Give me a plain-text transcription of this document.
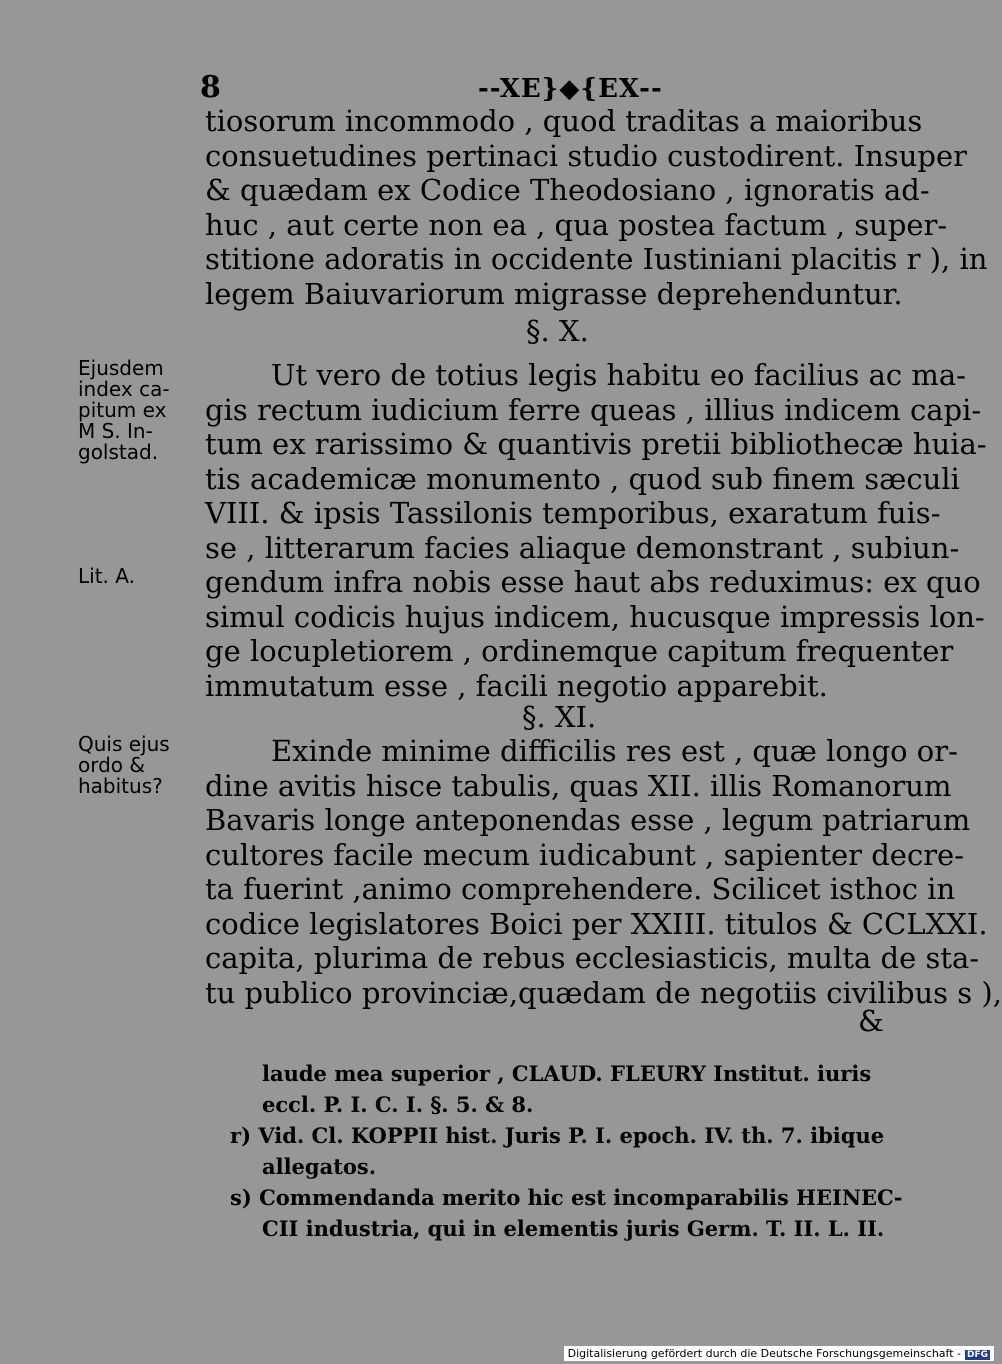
8	--XE}◆{EX--
tiosorum incommodo , quod traditas a maioribus
consuetudines pertinaci studio custodirent. Insuper
& quædam ex Codice Theodosiano , ignoratis ad-
huc , aut certe non ea , qua postea factum , super-
stitione adoratis in occidente Iustiniani placitis r ), in
legem Baiuvariorum migrasse deprehenduntur.
§. X.
Ejusdem
index ca-
pitum ex
M S. In-
golstad.
Lit. A.
Ut vero de totius legis habitu eo facilius ac ma-
gis rectum iudicium ferre queas , illius indicem capi-
tum ex rarissimo & quantivis pretii bibliothecæ huia-
tis academicæ monumento , quod sub finem sæculi
VIII. & ipsis Tassilonis temporibus, exaratum fuis-
se , litterarum facies aliaque demonstrant , subiun-
gendum infra nobis esse haut abs reduximus: ex quo
simul codicis hujus indicem, hucusque impressis lon-
ge locupletiorem , ordinemque capitum frequenter
immutatum esse , facili negotio apparebit.
§. XI.
Quis ejus
ordo &
habitus?
Exinde minime difficilis res est , quæ longo or-
dine avitis hisce tabulis, quas XII. illis Romanorum
Bavaris longe anteponendas esse , legum patriarum
cultores facile mecum iudicabunt , sapienter decre-
ta fuerint ,animo comprehendere. Scilicet isthoc in
codice legislatores Boici per XXIII. titulos & CCLXXI.
capita, plurima de rebus ecclesiasticis, multa de sta-
tu publico provinciæ,quædam de negotiis civilibus s ),
&
laude mea superior , CLAUD. FLEURY Institut. iuris
eccl. P. I. C. I. §. 5. & 8.
r) Vid. Cl. KOPPII hist. Juris P. I. epoch. IV. th. 7. ibique
allegatos.
s) Commendanda merito hic est incomparabilis HEINEC-
CII industria, qui in elementis juris Germ. T. II. L. II.
Digitalisierung gefördert durch die Deutsche Forschungsgemeinschaft - DFG
